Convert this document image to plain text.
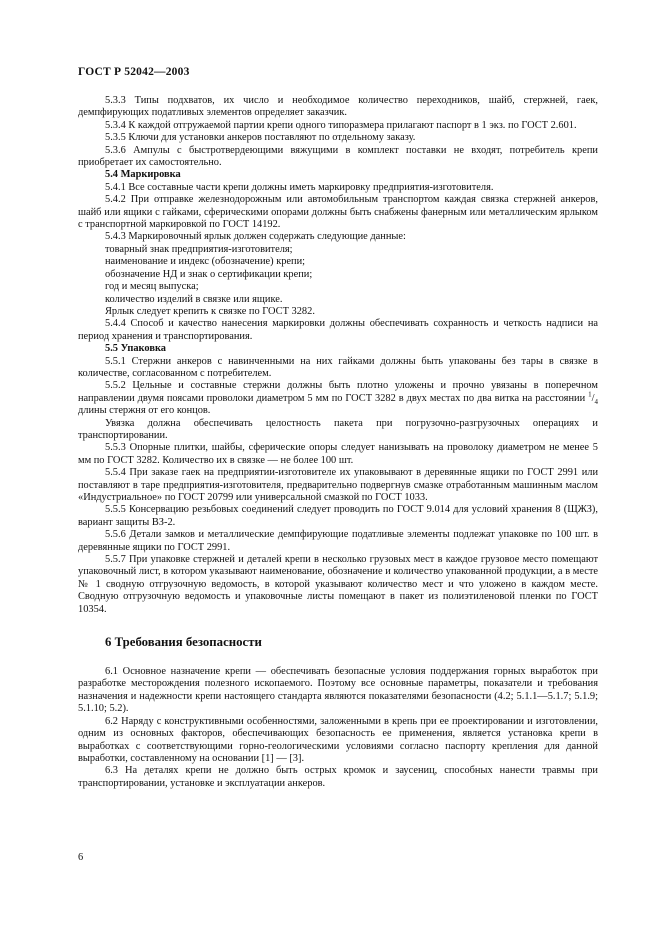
ГОСТ Р 52042—2003

5.3.3 Типы подхватов, их число и необходимое количество переходников, шайб, стержней, гаек, демпфирующих податливых элементов определяет заказчик.

5.3.4 К каждой отгружаемой партии крепи одного типоразмера прилагают паспорт в 1 экз. по ГОСТ 2.601.

5.3.5 Ключи для установки анкеров поставляют по отдельному заказу.

5.3.6 Ампулы с быстротвердеющими вяжущими в комплект поставки не входят, потребитель крепи приобретает их самостоятельно.

5.4 Маркировка

5.4.1 Все составные части крепи должны иметь маркировку предприятия-изготовителя.

5.4.2 При отправке железнодорожным или автомобильным транспортом каждая связка стержней анкеров, шайб или ящики с гайками, сферическими опорами должны быть снабжены фанерным или металлическим ярлыком с транспортной маркировкой по ГОСТ 14192.

5.4.3 Маркировочный ярлык должен содержать следующие данные:

товарный знак предприятия-изготовителя;

наименование и индекс (обозначение) крепи;

обозначение НД и знак о сертификации крепи;

год и месяц выпуска;

количество изделий в связке или ящике.

Ярлык следует крепить к связке по ГОСТ 3282.

5.4.4 Способ и качество нанесения маркировки должны обеспечивать сохранность и четкость надписи на период хранения и транспортирования.

5.5 Упаковка

5.5.1 Стержни анкеров с навинченными на них гайками должны быть упакованы без тары в связке в количестве, согласованном с потребителем.

5.5.2 Цельные и составные стержни должны быть плотно уложены и прочно увязаны в поперечном направлении двумя поясами проволоки диаметром 5 мм по ГОСТ 3282 в двух местах по два витка на расстоянии $^1/_4$ длины стержня от его концов.

Увязка должна обеспечивать целостность пакета при погрузочно-разгрузочных операциях и транспортировании.

5.5.3 Опорные плитки, шайбы, сферические опоры следует нанизывать на проволоку диаметром не менее 5 мм по ГОСТ 3282. Количество их в связке — не более 100 шт.

5.5.4 При заказе гаек на предприятии-изготовителе их упаковывают в деревянные ящики по ГОСТ 2991 или поставляют в таре предприятия-изготовителя, предварительно подвергнув смазке отработанным машинным маслом «Индустриальное» по ГОСТ 20799 или универсальной смазкой по ГОСТ 1033.

5.5.5 Консервацию резьбовых соединений следует проводить по ГОСТ 9.014 для условий хранения 8 (ЩЖЗ), вариант защиты ВЗ-2.

5.5.6 Детали замков и металлические демпфирующие податливые элементы подлежат упаковке по 100 шт. в деревянные ящики по ГОСТ 2991.

5.5.7 При упаковке стержней и деталей крепи в несколько грузовых мест в каждое грузовое место помещают упаковочный лист, в котором указывают наименование, обозначение и количество упакованной продукции, а в месте № 1 сводную отгрузочную ведомость, в которой указывают количество мест и что уложено в каждом месте. Сводную отгрузочную ведомость и упаковочные листы помещают в пакет из полиэтиленовой пленки по ГОСТ 10354.

6 Требования безопасности

6.1 Основное назначение крепи — обеспечивать безопасные условия поддержания горных выработок при разработке месторождения полезного ископаемого. Поэтому все основные параметры, показатели и требования назначения и надежности крепи настоящего стандарта являются показателями безопасности (4.2; 5.1.1—5.1.7; 5.1.9; 5.1.10; 5.2).

6.2 Наряду с конструктивными особенностями, заложенными в крепь при ее проектировании и изготовлении, одним из основных факторов, обеспечивающих безопасность ее применения, является установка крепи в выработках с соответствующими горно-геологическими условиями согласно паспорту крепления для данной выработки, составленному на основании [1] — [3].

6.3 На деталях крепи не должно быть острых кромок и заусениц, способных нанести травмы при транспортировании, установке и эксплуатации анкеров.

6
